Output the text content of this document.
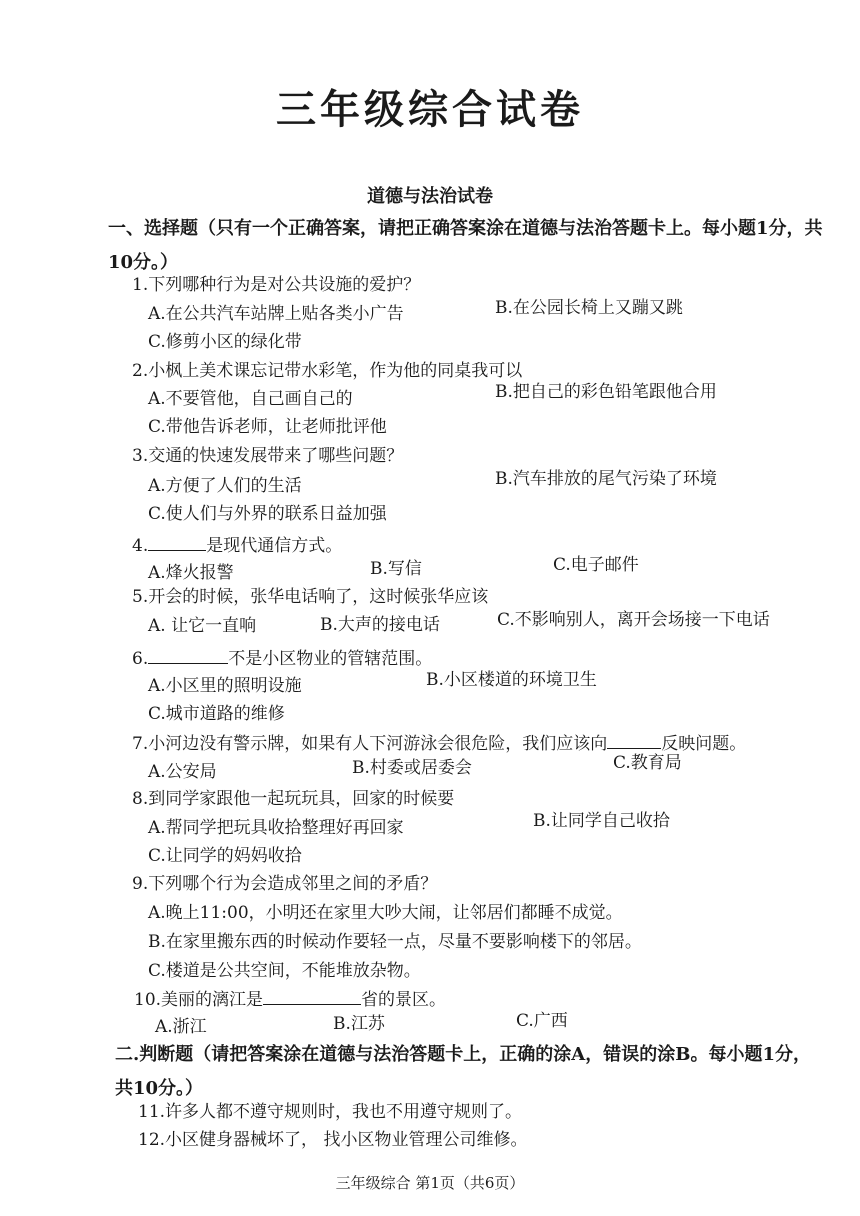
三年级综合试卷
道德与法治试卷
一、选择题（只有一个正确答案，请把正确答案涂在道德与法治答题卡上。每小题1分，共10分。）
1.下列哪种行为是对公共设施的爱护？
A.在公共汽车站牌上贴各类小广告	B.在公园长椅上又蹦又跳
C.修剪小区的绿化带
2.小枫上美术课忘记带水彩笔，作为他的同桌我可以
A.不要管他，自己画自己的	B.把自己的彩色铅笔跟他合用
C.带他告诉老师，让老师批评他
3.交通的快速发展带来了哪些问题？
A.方便了人们的生活	B.汽车排放的尾气污染了环境
C.使人们与外界的联系日益加强
4.	是现代通信方式。
A.烽火报警	B.写信	C.电子邮件
5.开会的时候，张华电话响了，这时候张华应该
A. 让它一直响	B.大声的接电话	C.不影响别人，离开会场接一下电话
6.	不是小区物业的管辖范围。
A.小区里的照明设施	B.小区楼道的环境卫生
C.城市道路的维修
7.小河边没有警示牌，如果有人下河游泳会很危险，我们应该向	反映问题。
A.公安局	B.村委或居委会	C.教育局
8.到同学家跟他一起玩玩具，回家的时候要
A.帮同学把玩具收拾整理好再回家	B.让同学自己收拾
C.让同学的妈妈收拾
9.下列哪个行为会造成邻里之间的矛盾？
A.晚上11:00，小明还在家里大吵大闹，让邻居们都睡不成觉。
B.在家里搬东西的时候动作要轻一点，尽量不要影响楼下的邻居。
C.楼道是公共空间，不能堆放杂物。
10.美丽的漓江是	省的景区。
A.浙江	B.江苏	C.广西
二.判断题（请把答案涂在道德与法治答题卡上，正确的涂A，错误的涂B。每小题1分，共10分。）
11.许多人都不遵守规则时，我也不用遵守规则了。
12.小区健身器械坏了， 找小区物业管理公司维修。
三年级综合 第1页（共6页）
